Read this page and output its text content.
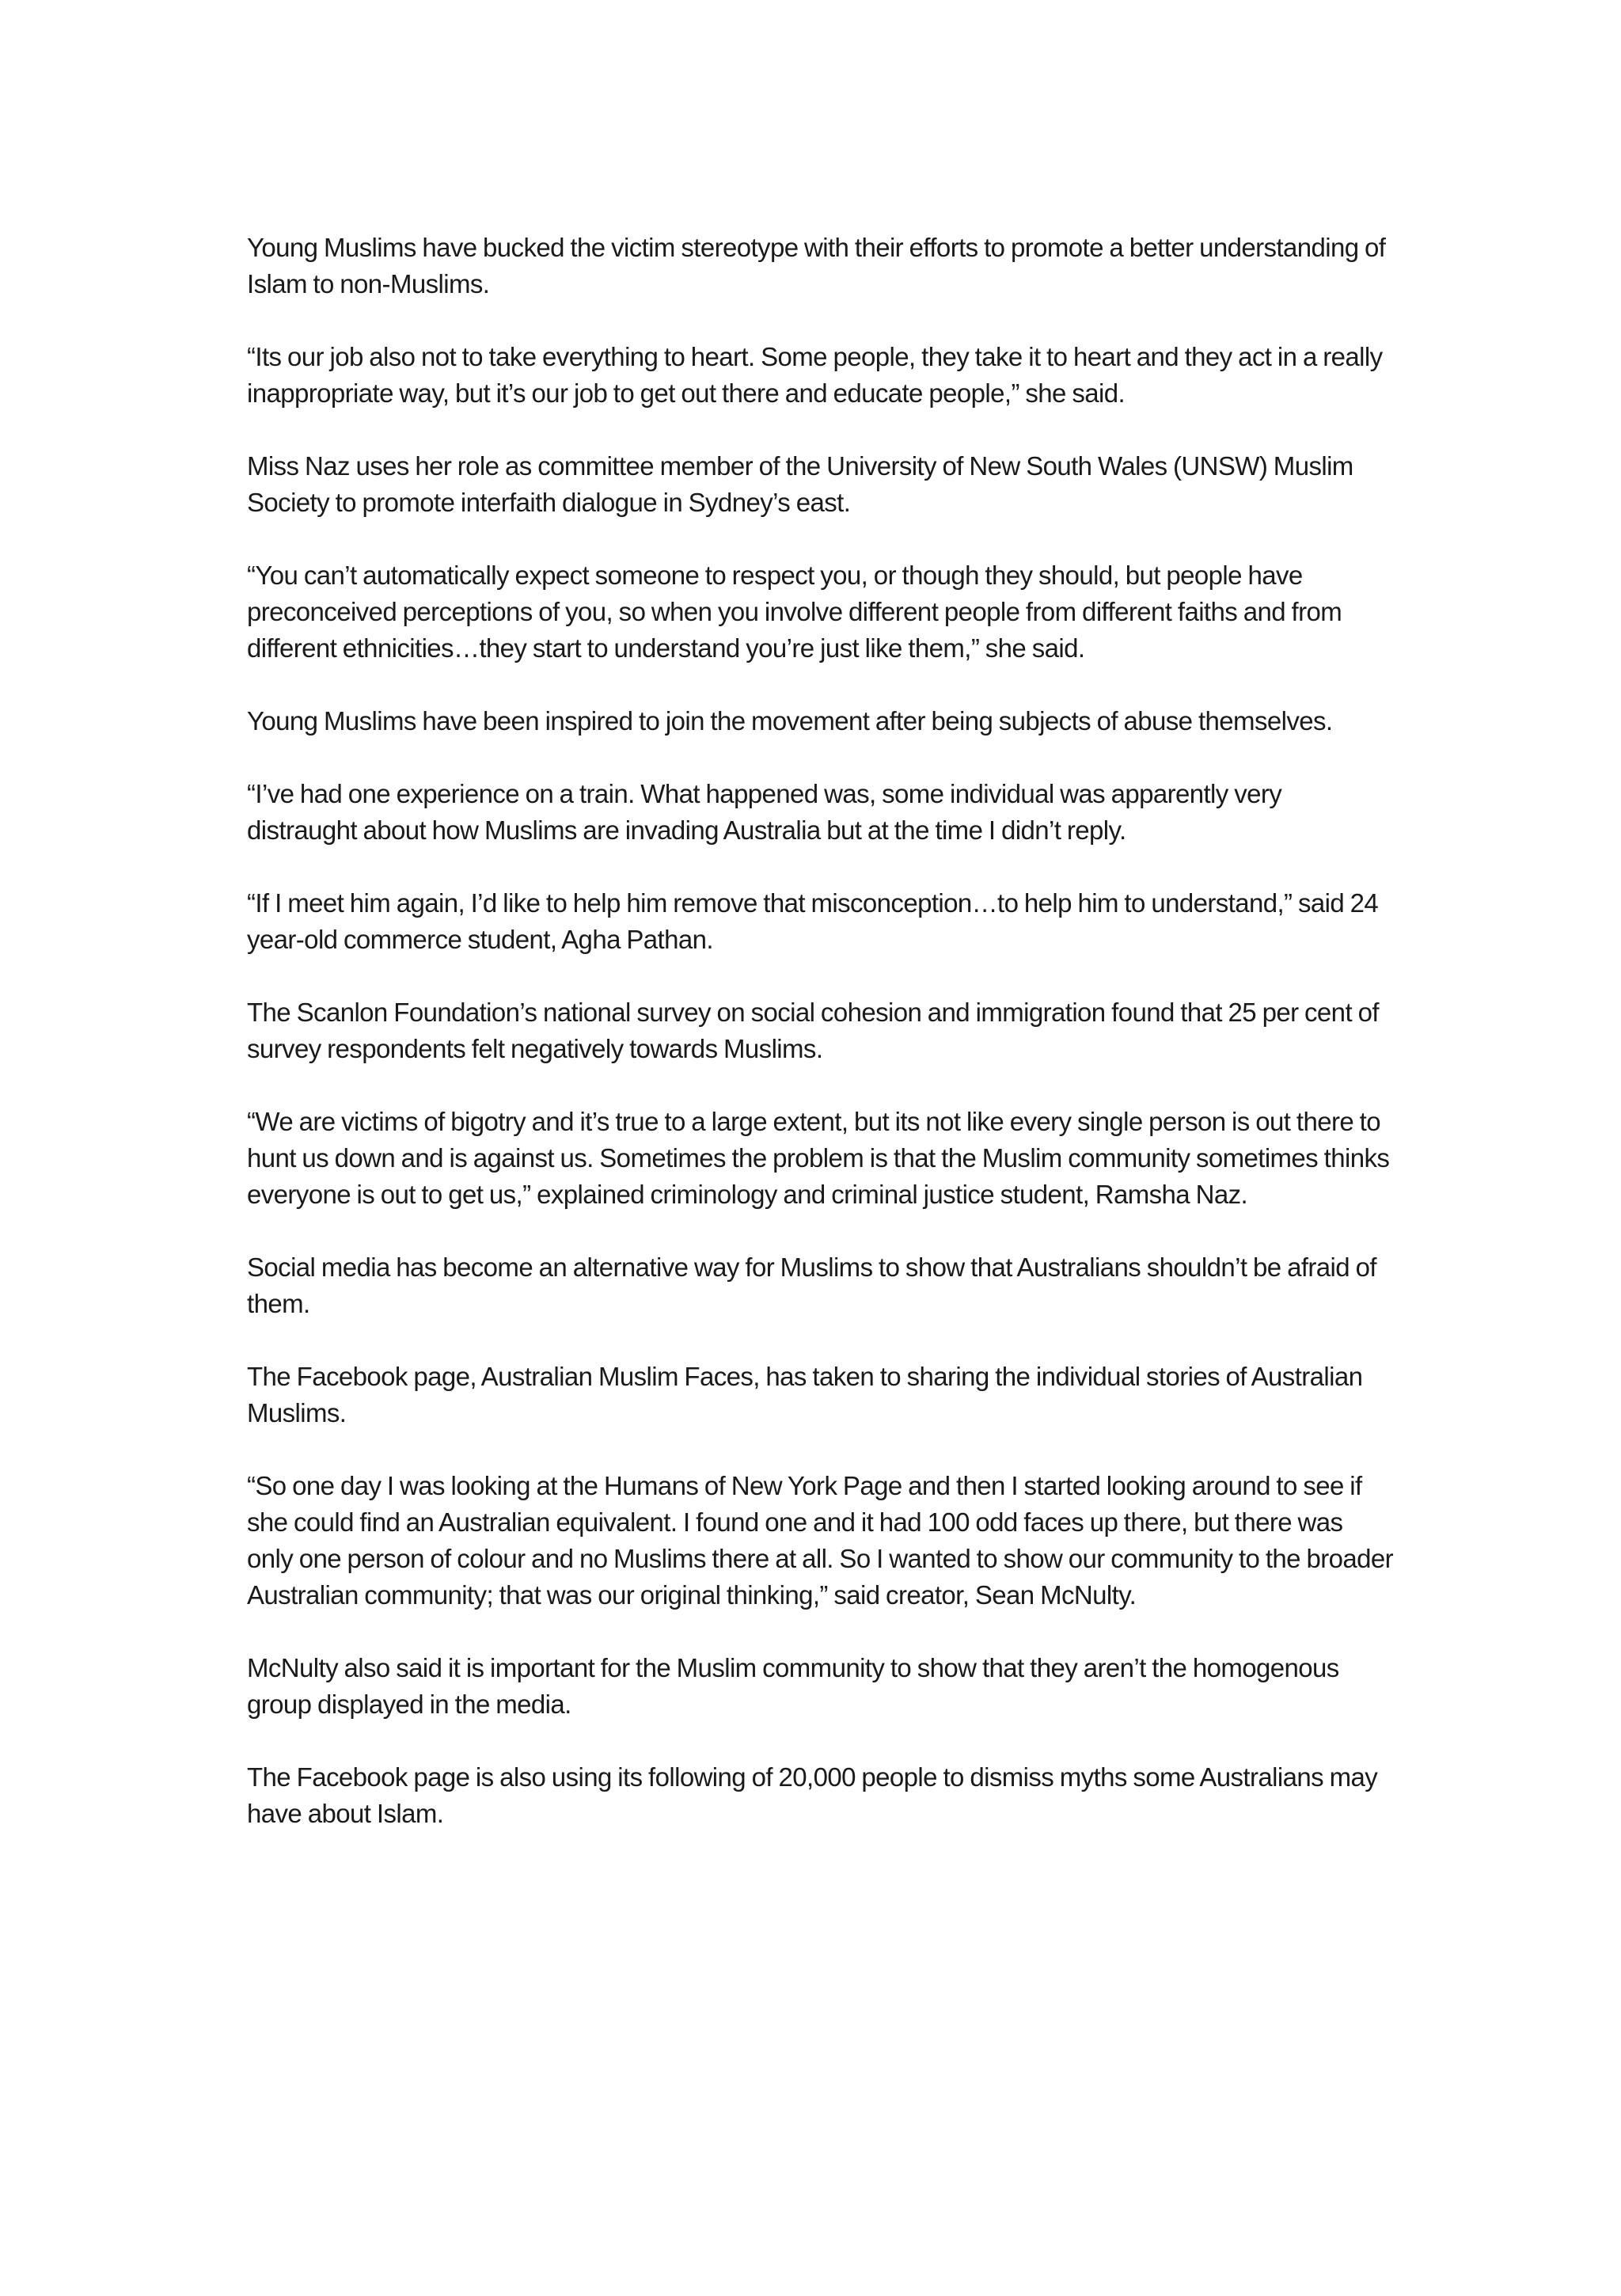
Young Muslims have bucked the victim stereotype with their efforts to promote a better understanding of Islam to non-Muslims.

“Its our job also not to take everything to heart. Some people, they take it to heart and they act in a really inappropriate way, but it’s our job to get out there and educate people,” she said.

Miss Naz uses her role as committee member of the University of New South Wales (UNSW) Muslim Society to promote interfaith dialogue in Sydney’s east.

“You can’t automatically expect someone to respect you, or though they should, but people have preconceived perceptions of you, so when you involve different people from different faiths and from different ethnicities…they start to understand you’re just like them,” she said.

Young Muslims have been inspired to join the movement after being subjects of abuse themselves.

“I’ve had one experience on a train. What happened was, some individual was apparently very distraught about how Muslims are invading Australia but at the time I didn’t reply.

“If I meet him again, I’d like to help him remove that misconception…to help him to understand,” said 24 year-old commerce student, Agha Pathan.

The Scanlon Foundation’s national survey on social cohesion and immigration found that 25 per cent of survey respondents felt negatively towards Muslims.

“We are victims of bigotry and it’s true to a large extent, but its not like every single person is out there to hunt us down and is against us. Sometimes the problem is that the Muslim community sometimes thinks everyone is out to get us,” explained criminology and criminal justice student, Ramsha Naz.

Social media has become an alternative way for Muslims to show that Australians shouldn’t be afraid of them.

The Facebook page, Australian Muslim Faces, has taken to sharing the individual stories of Australian Muslims.

“So one day I was looking at the Humans of New York Page and then I started looking around to see if she could find an Australian equivalent. I found one and it had 100 odd faces up there, but there was only one person of colour and no Muslims there at all. So I wanted to show our community to the broader Australian community; that was our original thinking,” said creator, Sean McNulty.

McNulty also said it is important for the Muslim community to show that they aren’t the homogenous group displayed in the media.

The Facebook page is also using its following of 20,000 people to dismiss myths some Australians may have about Islam.
